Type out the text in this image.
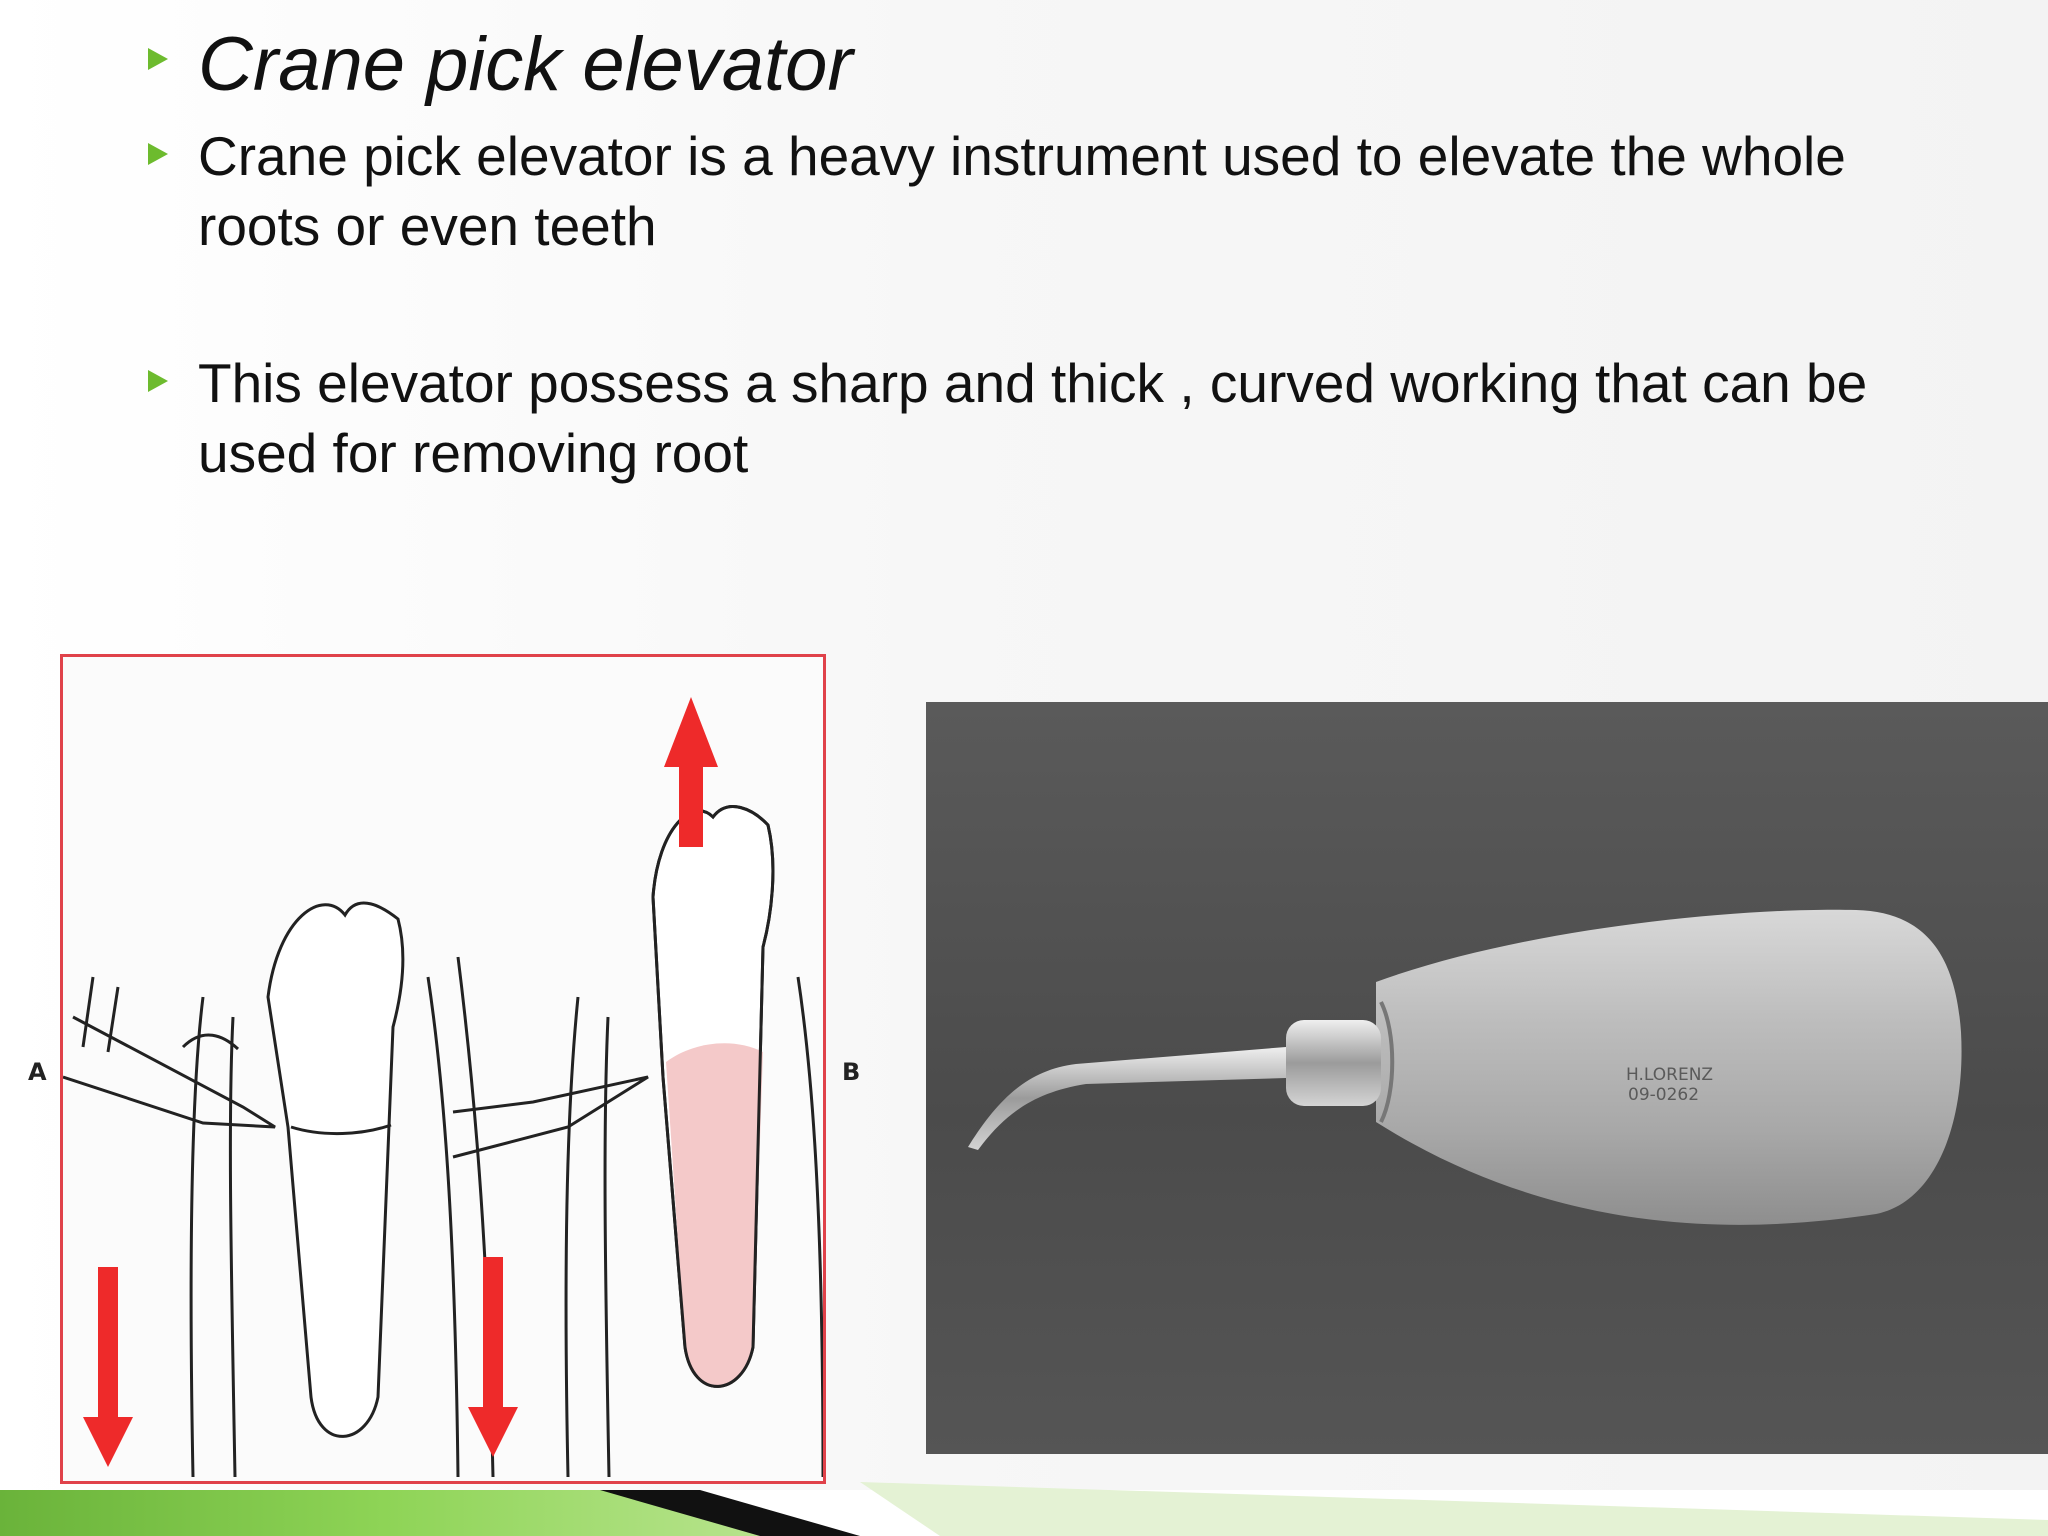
Crane pick elevator
Crane pick elevator is a heavy instrument used to elevate the whole roots or even teeth
This elevator possess a sharp and thick , curved working that can be used for removing root
A	B	H.LORENZ
09-0262
